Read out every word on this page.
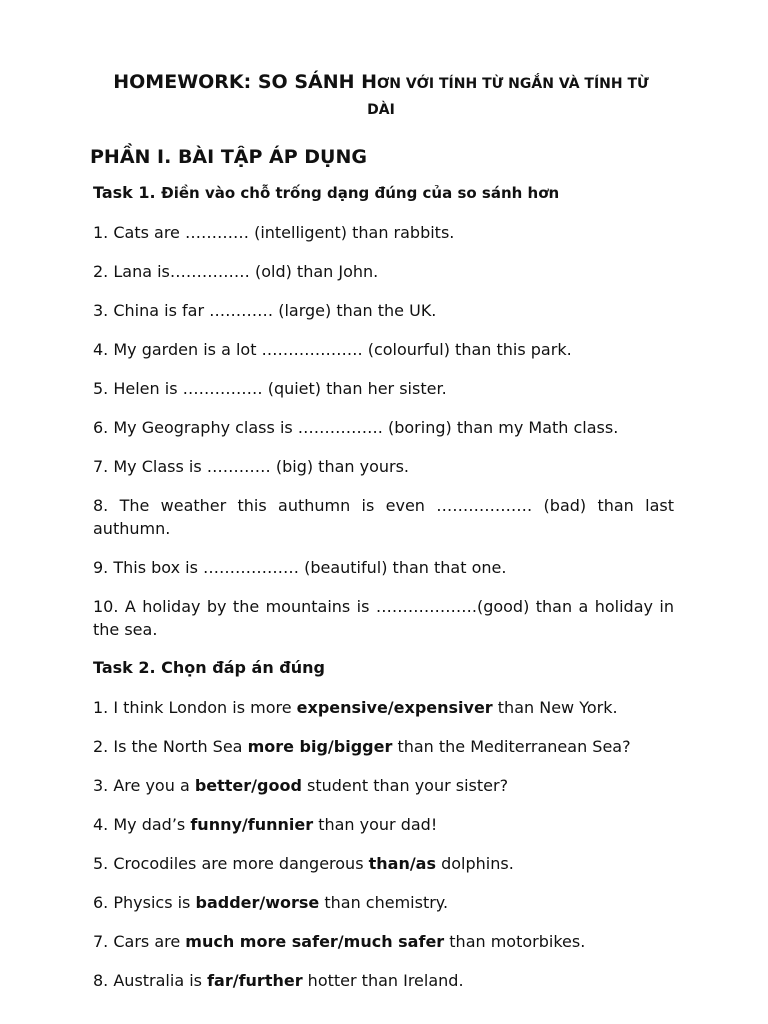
HOMEWORK: SO SÁNH HƠN VỚI TÍNH TỪ NGẮN VÀ TÍNH TỪ
DÀI
PHẦN I. BÀI TẬP ÁP DỤNG
Task 1. Điền vào chỗ trống dạng đúng của so sánh hơn
1. Cats are ………… (intelligent) than rabbits.
2. Lana is…………… (old) than John.
3. China is far ………… (large) than the UK.
4. My garden is a lot ………………. (colourful) than this park.
5. Helen is …………… (quiet) than her sister.
6. My Geography class is ……………. (boring) than my Math class.
7. My Class is ………… (big) than yours.
8. The weather this authumn is even ……………… (bad) than last authumn.
9. This box is ……………… (beautiful) than that one.
10. A holiday by the mountains is ……………….(good) than a holiday in the sea.
Task 2. Chọn đáp án đúng
1. I think London is more expensive/expensiver than New York.
2. Is the North Sea more big/bigger than the Mediterranean Sea?
3. Are you a better/good student than your sister?
4. My dad’s funny/funnier than your dad!
5. Crocodiles are more dangerous than/as dolphins.
6. Physics is badder/worse than chemistry.
7. Cars are much more safer/much safer than motorbikes.
8. Australia is far/further hotter than Ireland.
